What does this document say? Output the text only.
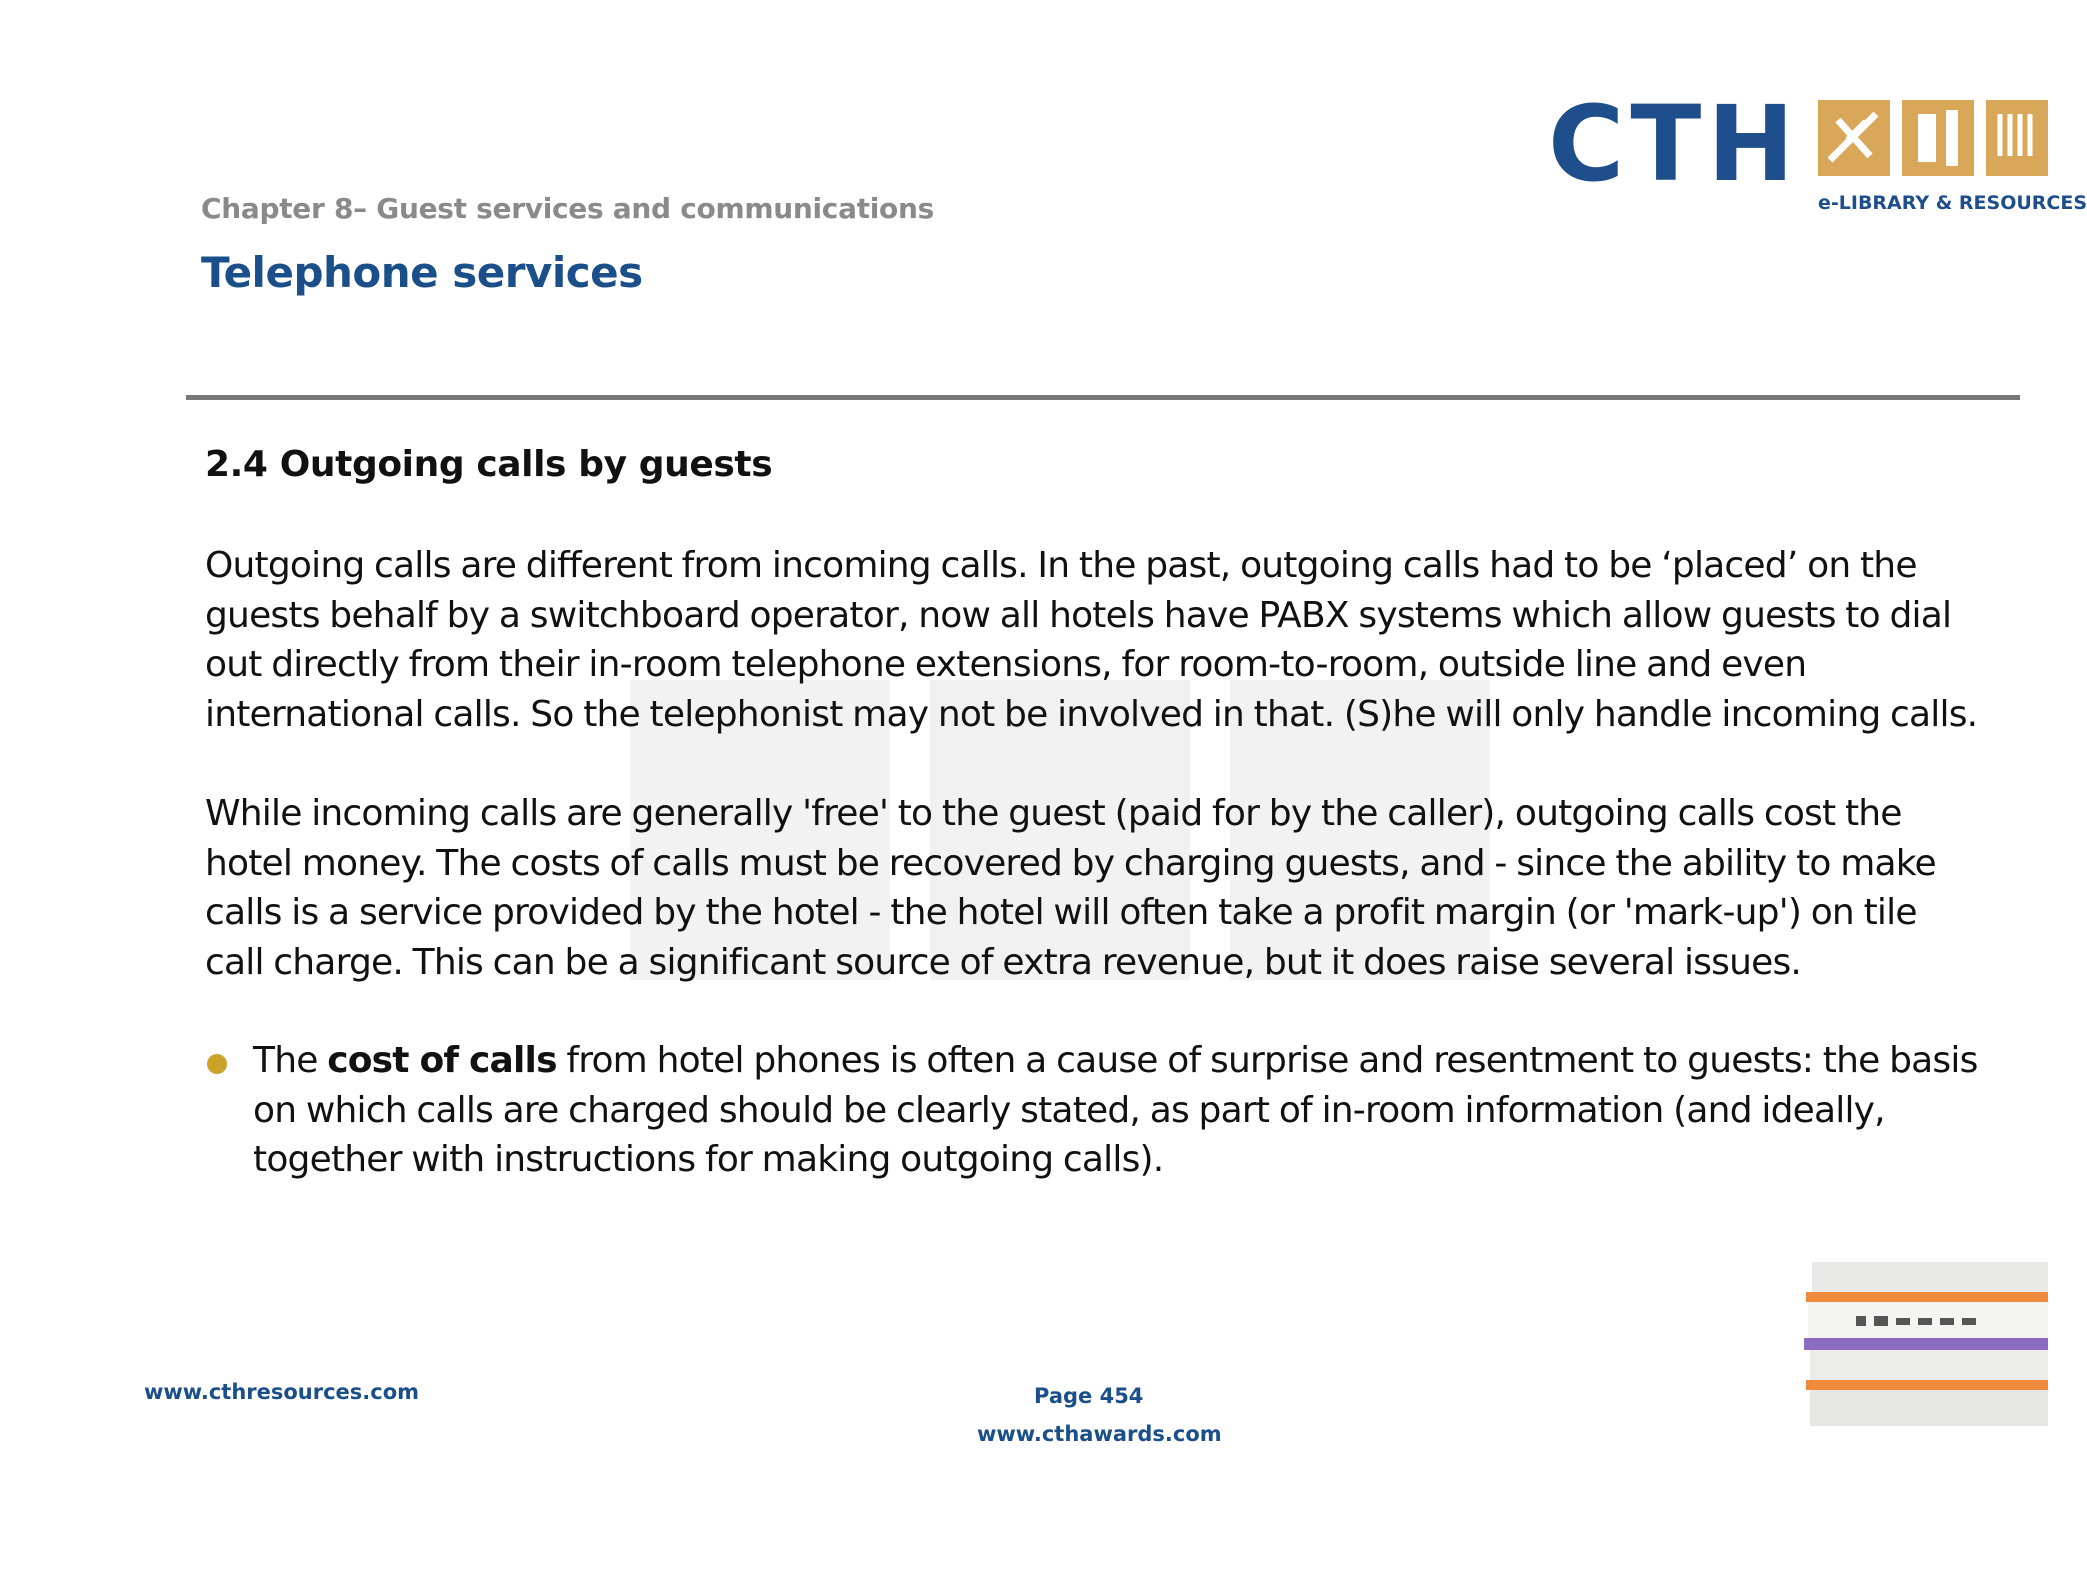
CTH e-LIBRARY & RESOURCES
Chapter 8– Guest services and communications
Telephone services
2.4 Outgoing calls by guests
Outgoing calls are different from incoming calls. In the past, outgoing calls had to be ‘placed’ on the
guests behalf by a switchboard operator, now all hotels have PABX systems which allow guests to dial
out directly from their in-room telephone extensions, for room-to-room, outside line and even
international calls. So the telephonist may not be involved in that. (S)he will only handle incoming calls.
While incoming calls are generally 'free' to the guest (paid for by the caller), outgoing calls cost the
hotel money. The costs of calls must be recovered by charging guests, and - since the ability to make
calls is a service provided by the hotel - the hotel will often take a profit margin (or 'mark-up') on tile
call charge. This can be a significant source of extra revenue, but it does raise several issues.
The cost of calls from hotel phones is often a cause of surprise and resentment to guests: the basis
on which calls are charged should be clearly stated, as part of in-room information (and ideally,
together with instructions for making outgoing calls).
www.cthresources.com	Page 454
www.cthawards.com
